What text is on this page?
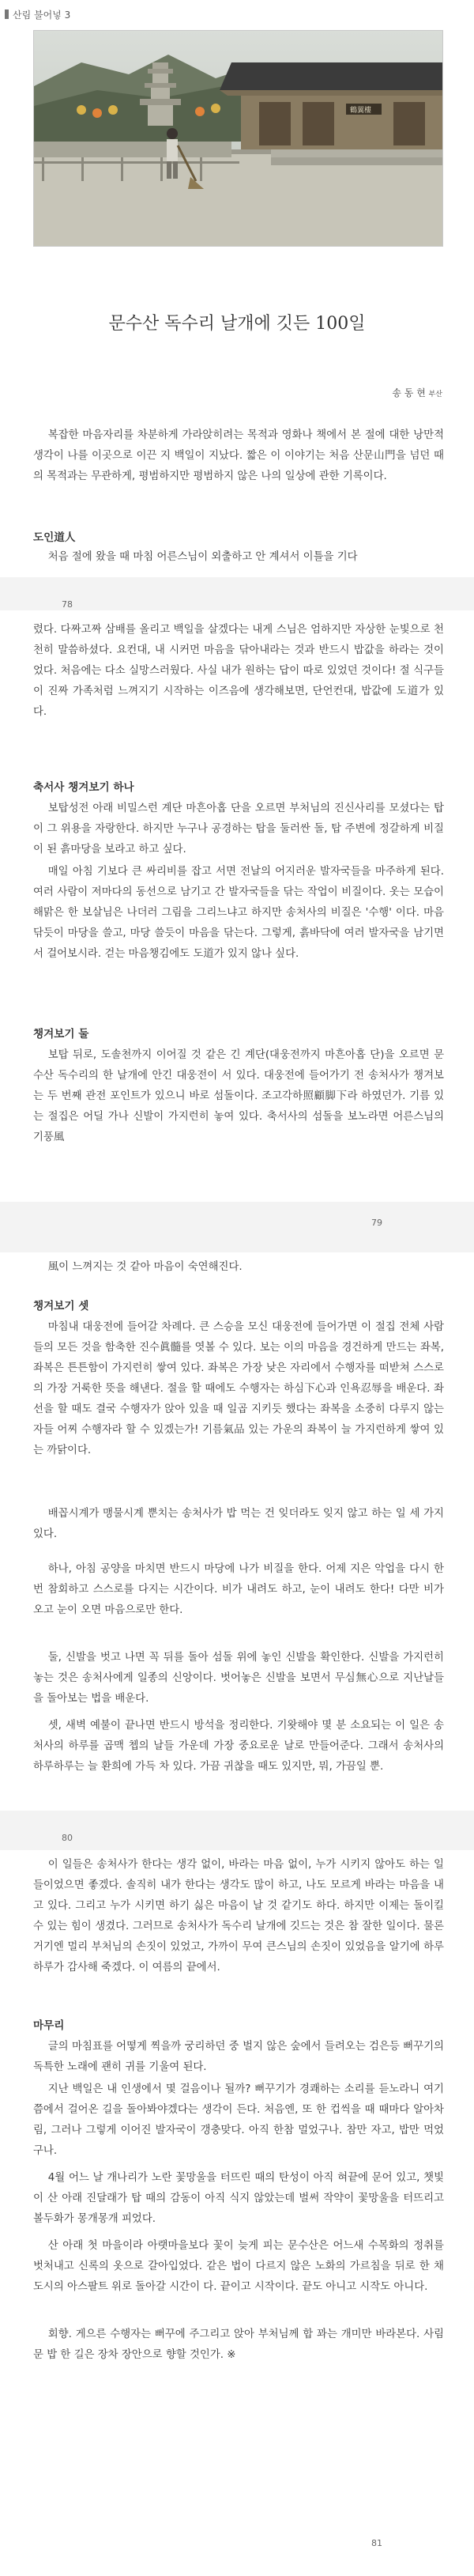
산림 불어넣 3
鶴翼樓
문수산 독수리 날개에 깃든 100일
송 동 현 부산
복잡한 마음자리를 차분하게 가라앉히려는 목적과 영화나 책에서 본 절에 대한 낭만적 생각이 나를 이곳으로 이끈 지 백일이 지났다. 짧은 이 이야기는 처음 산문山門을 넘던 때의 목적과는 무관하게, 평범하지만 평범하지 않은 나의 일상에 관한 기록이다.
도인道人
처음 절에 왔을 때 마침 어른스님이 외출하고 안 계셔서 이틀을 기다
78
렸다. 다짜고짜 삼배를 올리고 백일을 살겠다는 내게 스님은 엄하지만 자상한 눈빛으로 천천히 말씀하셨다. 요컨대, 내 시커먼 마음을 닦아내라는 것과 반드시 밥값을 하라는 것이었다. 처음에는 다소 실망스러웠다. 사실 내가 원하는 답이 따로 있었던 것이다! 절 식구들이 진짜 가족처럼 느껴지기 시작하는 이즈음에 생각해보면, 단언컨대, 밥값에 도道가 있다.
축서사 챙겨보기 하나
보탑성전 아래 비밀스런 계단 마흔아홉 단을 오르면 부처님의 진신사리를 모셨다는 탑이 그 위용을 자랑한다. 하지만 누구나 공경하는 탑을 둘러싼 돌, 탑 주변에 정갈하게 비질이 된 흙마당을 보라고 하고 싶다.
매일 아침 기보다 큰 싸리비를 잡고 서면 전날의 어지러운 발자국들을 마주하게 된다. 여러 사람이 저마다의 동선으로 남기고 간 발자국들을 닦는 작업이 비질이다. 옷는 모습이 해맑은 한 보살님은 나더러 그림을 그리느냐고 하지만 송처사의 비질은 '수행' 이다. 마음 닦듯이 마당을 쓸고, 마당 쓸듯이 마음을 닦는다. 그렇게, 흙바닥에 여러 발자국을 남기면서 걸어보시라. 걷는 마음챙김에도 도道가 있지 않나 싶다.
챙겨보기 둘
보탑 뒤로, 도솔천까지 이어질 것 같은 긴 계단(대웅전까지 마흔아홉 단)을 오르면 문수산 독수리의 한 날개에 안긴 대웅전이 서 있다. 대웅전에 들어가기 전 송처사가 챙겨보는 두 번째 관전 포인트가 있으니 바로 섬돌이다. 조고각하照顧脚下라 하였던가. 기름 있는 절집은 어딜 가나 신발이 가지런히 놓여 있다. 축서사의 섬돌을 보노라면 어른스님의 기풍風
79
風이 느껴지는 것 같아 마음이 숙연해진다.
챙겨보기 셋
마침내 대웅전에 들어갈 차례다. 큰 스승을 모신 대웅전에 들어가면 이 절집 전체 사람들의 모든 것을 함축한 진수眞髓를 엿볼 수 있다. 보는 이의 마음을 경건하게 만드는 좌복, 좌복은 튼튼함이 가지런히 쌓여 있다. 좌복은 가장 낮은 자리에서 수행자를 떠받쳐 스스로의 가장 거룩한 뜻을 해낸다. 절을 할 때에도 수행자는 하심下心과 인욕忍辱을 배운다. 좌선을 할 때도 결국 수행자가 앉아 있을 때 일곱 지키듯 했다는 좌복을 소중히 다루지 않는 자들 어찌 수행자라 할 수 있겠는가! 기름氣品 있는 가운의 좌복이 늘 가지런하게 쌓여 있는 까닭이다.
배꼽시계가 맹물시계 뿐치는 송처사가 밥 먹는 건 잊더라도 잊지 않고 하는 일 세 가지 있다.
하나, 아침 공양을 마치면 반드시 마당에 나가 비질을 한다. 어제 지은 악업을 다시 한 번 참회하고 스스로를 다지는 시간이다. 비가 내려도 하고, 눈이 내려도 한다! 다만 비가 오고 눈이 오면 마음으로만 한다.
둘, 신발을 벗고 나면 꼭 뒤를 돌아 섬돌 위에 놓인 신발을 확인한다. 신발을 가지런히 놓는 것은 송처사에게 일종의 신앙이다. 벗어놓은 신발을 보면서 무심無心으로 지난날들을 돌아보는 법을 배운다.
셋, 새벽 예불이 끝나면 반드시 방석을 정리한다. 기왓해야 몇 분 소요되는 이 일은 송처사의 하루를 곱맥 쳅의 날들 가운데 가장 중요로운 날로 만들어준다. 그래서 송처사의 하루하루는 늘 환희에 가득 차 있다. 가끔 귀찮을 때도 있지만, 뭐, 가끔일 뿐.
80
이 일들은 송처사가 한다는 생각 없이, 바라는 마음 없이, 누가 시키지 않아도 하는 일들이었으면 좋겠다. 솔직히 내가 한다는 생각도 많이 하고, 나도 모르게 바라는 마음을 내고 있다. 그리고 누가 시키면 하기 싫은 마음이 날 것 같기도 하다. 하지만 이제는 돌이킬 수 있는 힘이 생겼다. 그러므로 송처사가 독수리 날개에 깃드는 것은 참 잘한 일이다. 물론 거기엔 멀리 부처님의 손짓이 있었고, 가까이 무여 큰스님의 손짓이 있었음을 알기에 하루하루가 감사해 죽겠다. 이 여름의 끝에서.
마무리
글의 마침표를 어떻게 찍을까 궁리하던 중 벌지 않은 숲에서 들려오는 검은등 뻐꾸기의 독특한 노래에 괜히 귀를 기울여 된다.
지난 백일은 내 인생에서 몇 걸음이나 될까? 뻐꾸기가 경쾌하는 소리를 듣노라니 여기쯤에서 걸어온 길을 돌아봐야겠다는 생각이 든다. 처음엔, 또 한 컵씩을 때 때마다 알아차림, 그러나 그렇게 이어진 발자국이 갱충맞다. 아직 한참 멀었구나. 참만 자고, 밥만 먹었구나.
4월 어느 날 개나리가 노란 꽃망울을 터뜨린 때의 탄성이 아직 혀끝에 문어 있고, 챗빛이 산 아래 진달래가 탑 때의 감동이 아직 식지 않았는데 벌써 작약이 꽃망울을 터뜨리고 볼두화가 몽개몽개 피었다.
산 아래 첫 마을이라 아랫마을보다 꽃이 늦게 피는 문수산은 어느새 수목화의 정취를 벗처내고 신록의 옷으로 갈아입었다. 같은 법이 다르지 않은 노화의 가르침을 뒤로 한 채 도시의 아스팔트 위로 돌아갈 시간이 다. 끝이고 시작이다. 끝도 아니고 시작도 아니다.
회향. 게으른 수행자는 뻐꾸에 주그리고 앉아 부처님께 합 꽈는 개미만 바라본다. 사림문 밥 한 길은 장차 장안으로 향할 것인가. ※
81
